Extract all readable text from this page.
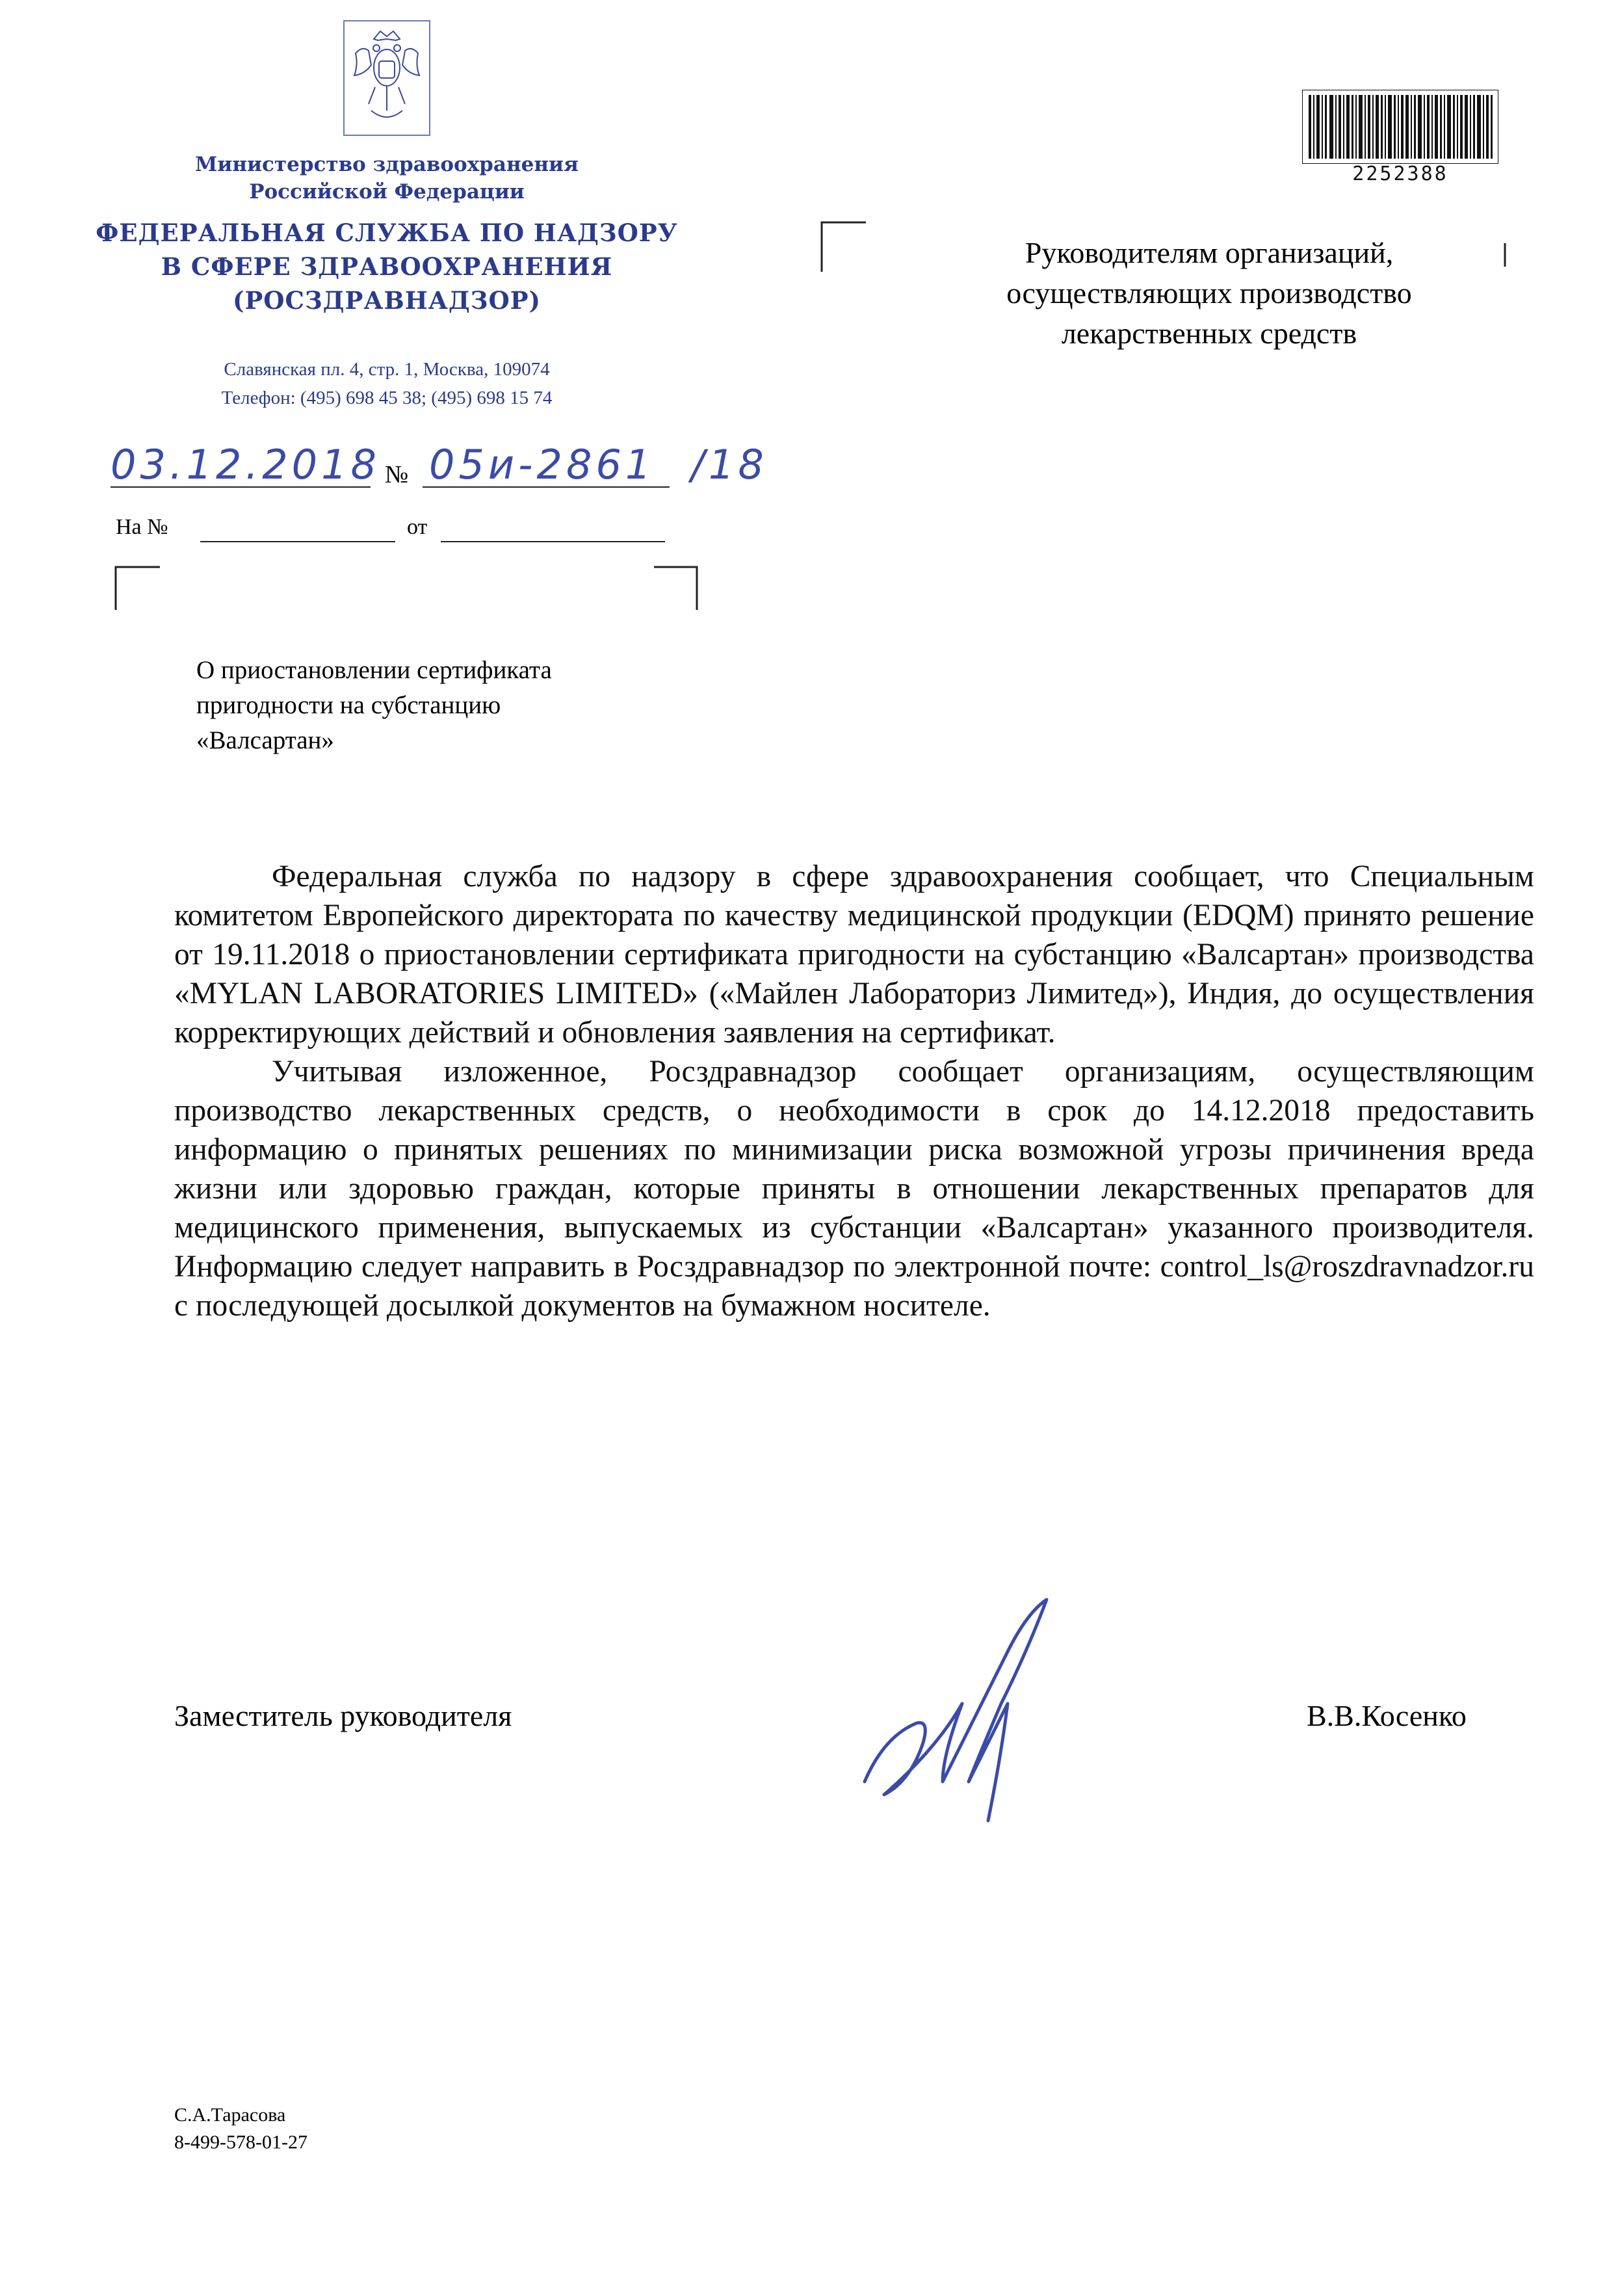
Министерство здравоохранения
Российской Федерации
ФЕДЕРАЛЬНАЯ СЛУЖБА ПО НАДЗОРУ
В СФЕРЕ ЗДРАВООХРАНЕНИЯ
(РОСЗДРАВНАДЗОР)
Славянская пл. 4, стр. 1, Москва, 109074
Телефон: (495) 698 45 38; (495) 698 15 74
03.12.2018 № 05и-2861 /18
На №	от
О приостановлении сертификата
пригодности на субстанцию
«Валсартан»
Руководителям организаций,
осуществляющих производство
лекарственных средств
2252388

Федеральная служба по надзору в сфере здравоохранения сообщает, что Специальным комитетом Европейского директората по качеству медицинской продукции (EDQM) принято решение от 19.11.2018 о приостановлении сертификата пригодности на субстанцию «Валсартан» производства «MYLAN LABORATORIES LIMITED» («Майлен Лабораториз Лимитед»), Индия, до осуществления корректирующих действий и обновления заявления на сертификат.

Учитывая изложенное, Росздравнадзор сообщает организациям, осуществляющим производство лекарственных средств, о необходимости в срок до 14.12.2018 предоставить информацию о принятых решениях по минимизации риска возможной угрозы причинения вреда жизни или здоровью граждан, которые приняты в отношении лекарственных препаратов для медицинского применения, выпускаемых из субстанции «Валсартан» указанного производителя. Информацию следует направить в Росздравнадзор по электронной почте: control_ls@roszdravnadzor.ru с последующей досылкой документов на бумажном носителе.

Заместитель руководителя	В.В.Косенко
С.А.Тарасова
8-499-578-01-27
